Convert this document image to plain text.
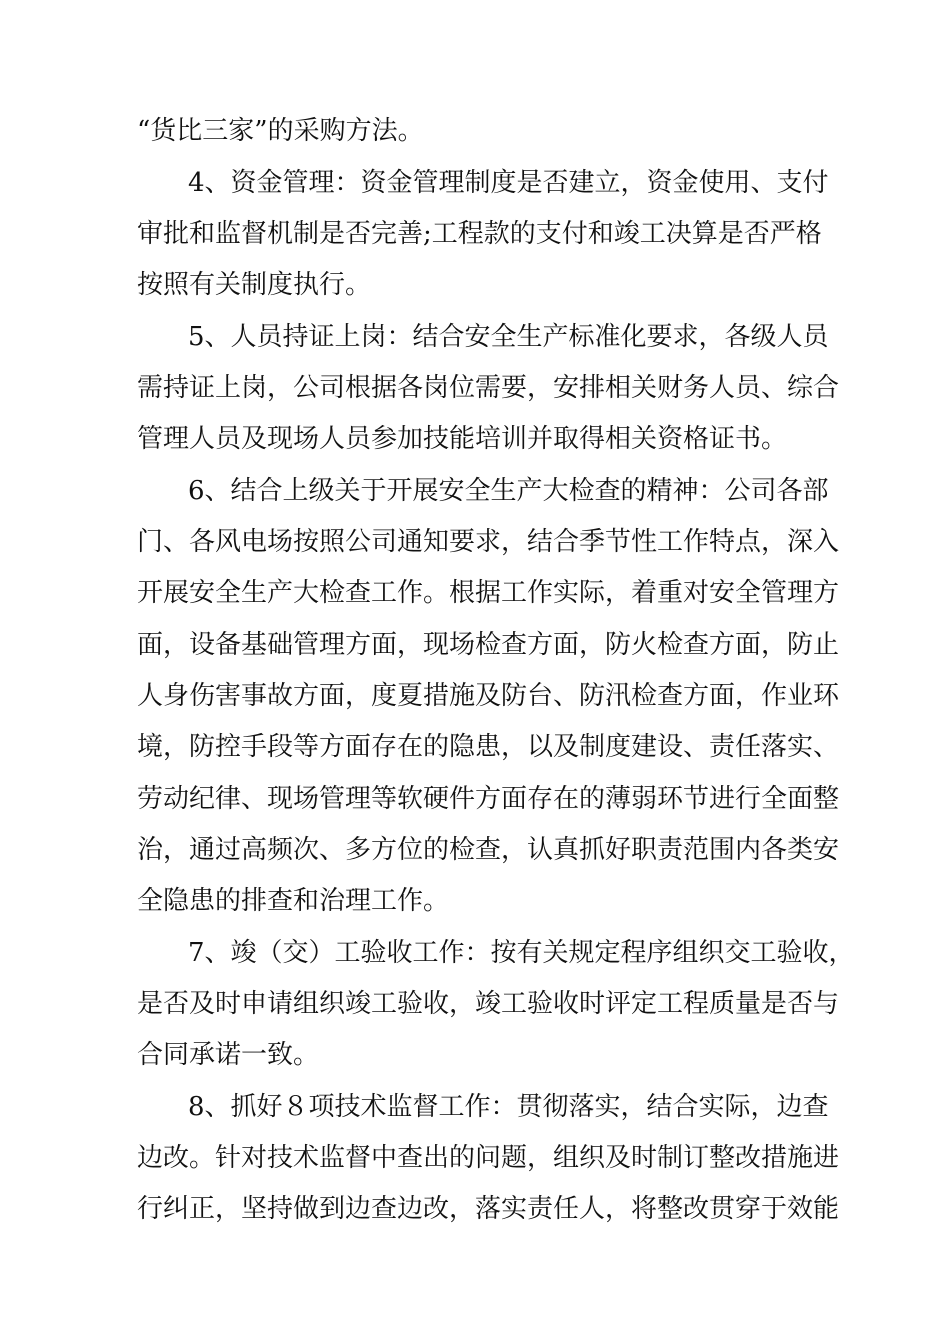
“货比三家”的采购方法。

4、资金管理：资金管理制度是否建立，资金使用、支付

审批和监督机制是否完善;工程款的支付和竣工决算是否严格

按照有关制度执行。

5、人员持证上岗：结合安全生产标准化要求，各级人员

需持证上岗，公司根据各岗位需要，安排相关财务人员、综合

管理人员及现场人员参加技能培训并取得相关资格证书。

6、结合上级关于开展安全生产大检查的精神：公司各部

门、各风电场按照公司通知要求，结合季节性工作特点，深入

开展安全生产大检查工作。根据工作实际，着重对安全管理方

面，设备基础管理方面，现场检查方面，防火检查方面，防止

人身伤害事故方面，度夏措施及防台、防汛检查方面，作业环

境，防控手段等方面存在的隐患，以及制度建设、责任落实、

劳动纪律、现场管理等软硬件方面存在的薄弱环节进行全面整

治，通过高频次、多方位的检查，认真抓好职责范围内各类安

全隐患的排查和治理工作。

7、竣（交）工验收工作：按有关规定程序组织交工验收，

是否及时申请组织竣工验收，竣工验收时评定工程质量是否与

合同承诺一致。

8、抓好８项技术监督工作：贯彻落实，结合实际，边查

边改。针对技术监督中查出的问题，组织及时制订整改措施进

行纠正，坚持做到边查边改，落实责任人，将整改贯穿于效能
